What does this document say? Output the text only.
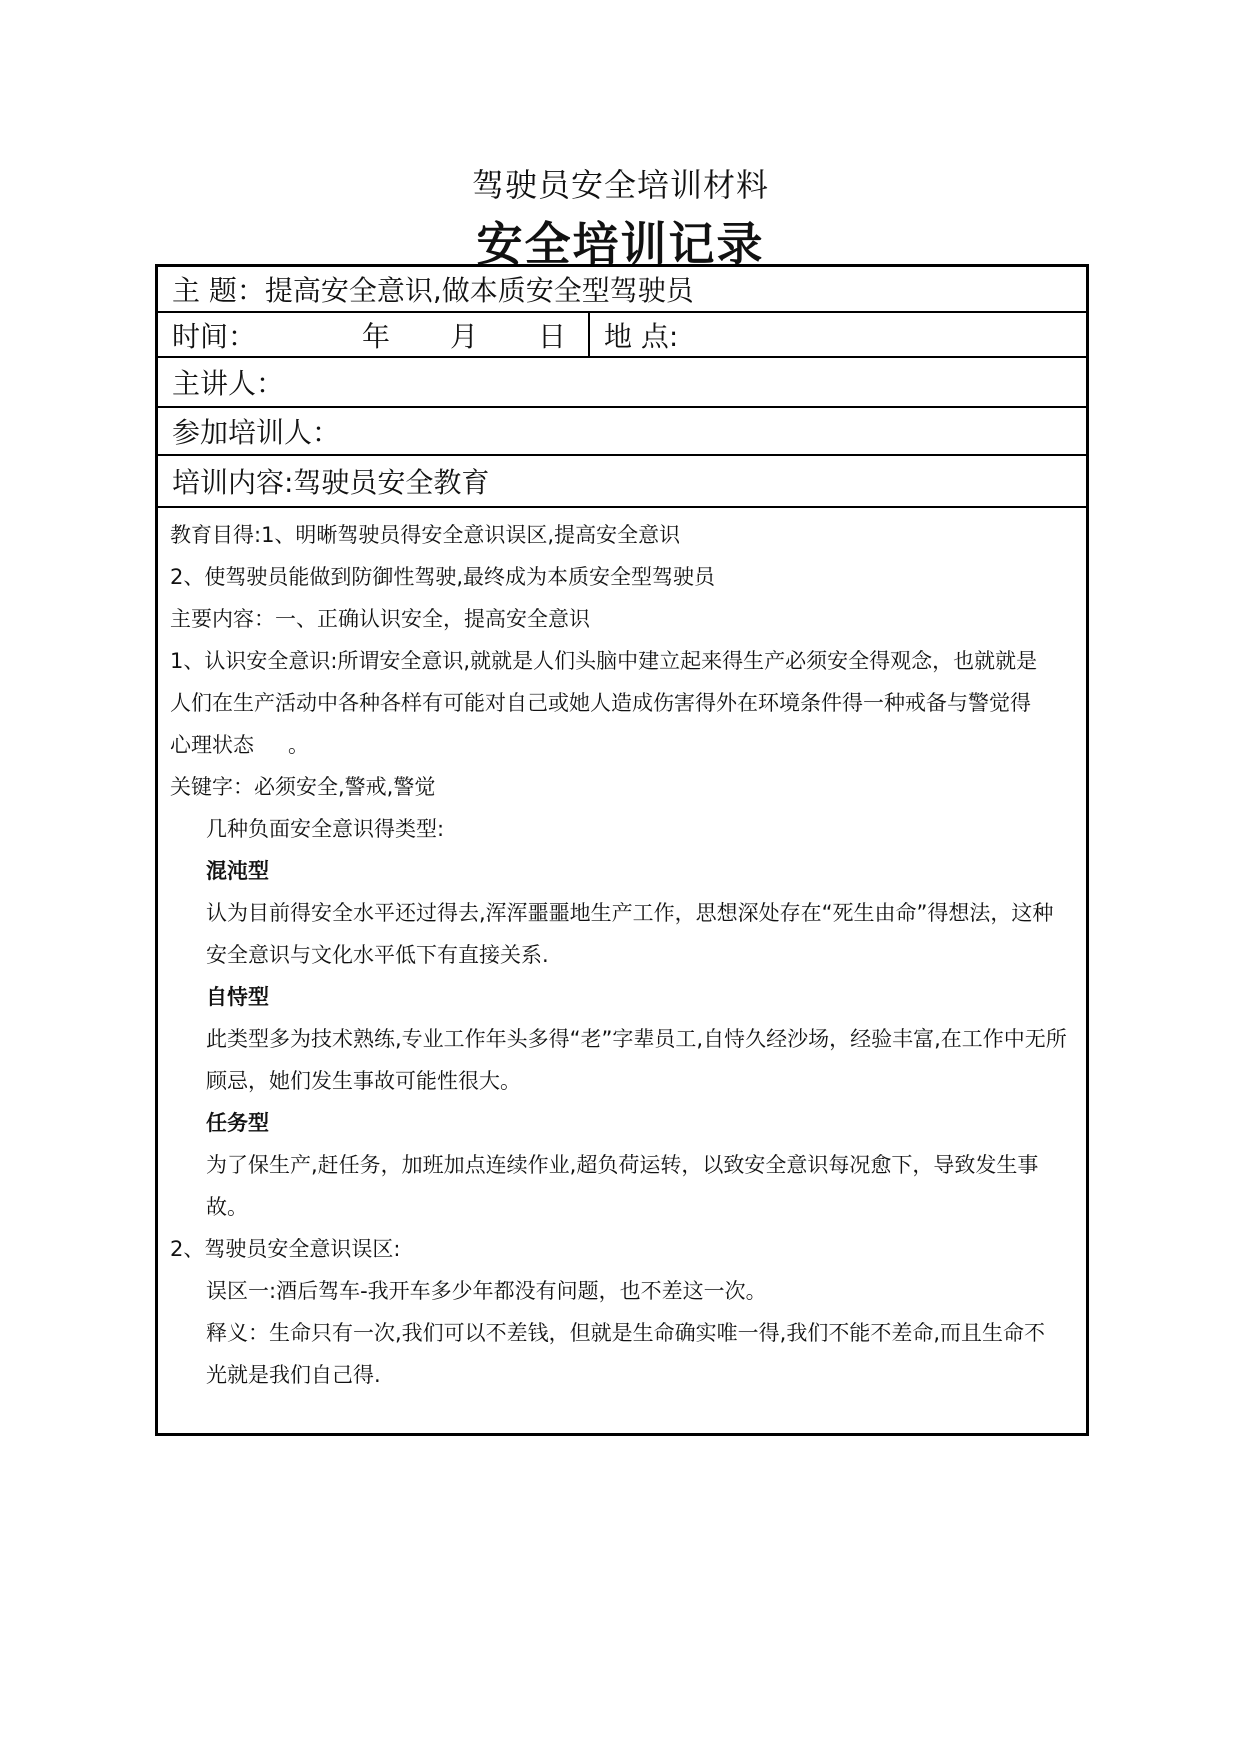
驾驶员安全培训材料
安全培训记录
主 题：提高安全意识,做本质安全型驾驶员
时间：	年 月 日 地 点:
主讲人：
参加培训人：
培训内容:驾驶员安全教育
教育目得:1、明晰驾驶员得安全意识误区,提高安全意识
2、使驾驶员能做到防御性驾驶,最终成为本质安全型驾驶员
主要内容：一、正确认识安全，提高安全意识
1、认识安全意识:所谓安全意识,就就是人们头脑中建立起来得生产必须安全得观念，也就就是
人们在生产活动中各种各样有可能对自己或她人造成伤害得外在环境条件得一种戒备与警觉得
心理状态 。
关键字：必须安全,警戒,警觉
几种负面安全意识得类型:
混沌型
认为目前得安全水平还过得去,浑浑噩噩地生产工作，思想深处存在“死生由命”得想法，这种
安全意识与文化水平低下有直接关系.
自恃型
此类型多为技术熟练,专业工作年头多得“老”字辈员工,自恃久经沙场，经验丰富,在工作中无所
顾忌，她们发生事故可能性很大。
任务型
为了保生产,赶任务，加班加点连续作业,超负荷运转，以致安全意识每况愈下，导致发生事
故。
2、驾驶员安全意识误区:
误区一:酒后驾车-我开车多少年都没有问题，也不差这一次。
释义：生命只有一次,我们可以不差钱，但就是生命确实唯一得,我们不能不差命,而且生命不
光就是我们自己得.
